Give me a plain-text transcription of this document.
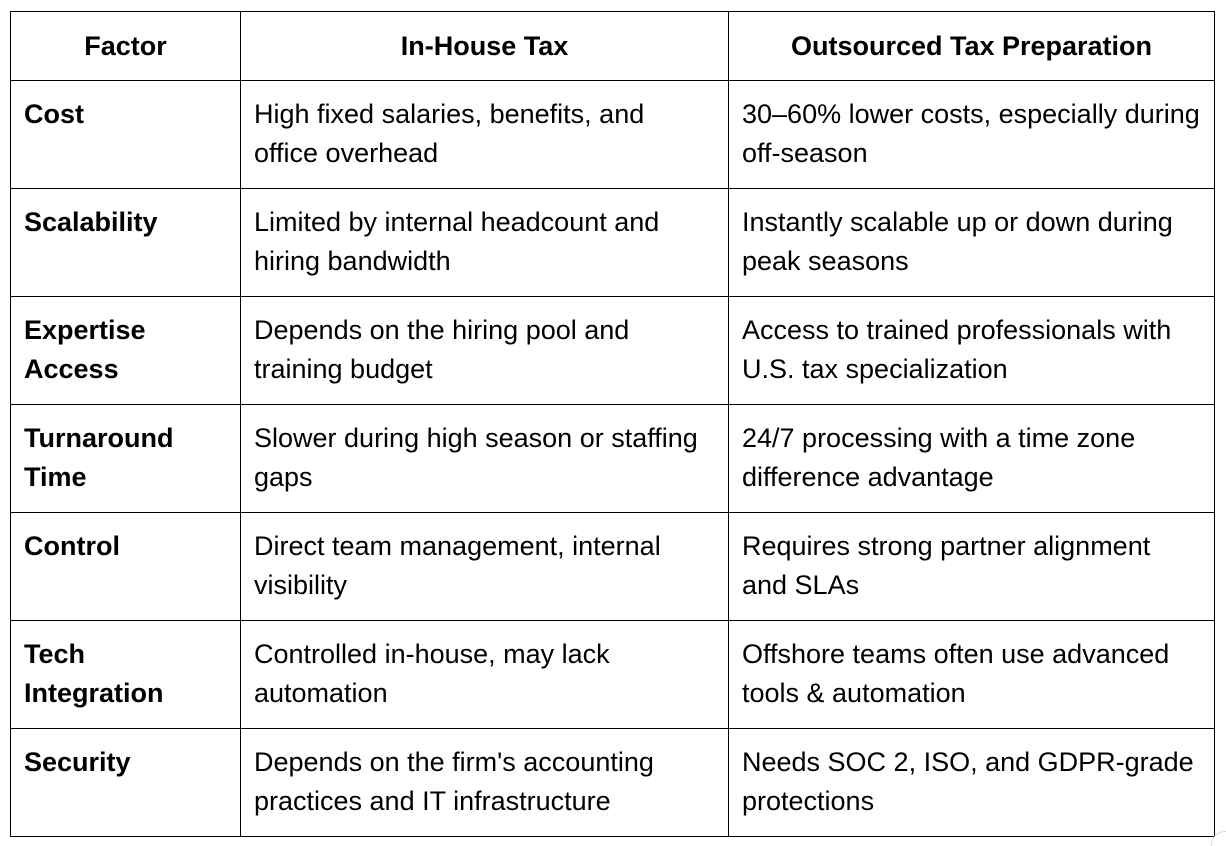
Factor	In-House Tax	Outsourced Tax Preparation
Cost	High fixed salaries, benefits, and office overhead	30–60% lower costs, especially during off-season
Scalability	Limited by internal headcount and hiring bandwidth	Instantly scalable up or down during peak seasons
Expertise Access	Depends on the hiring pool and training budget	Access to trained professionals with U.S. tax specialization
Turnaround Time	Slower during high season or staffing gaps	24/7 processing with a time zone difference advantage
Control	Direct team management, internal visibility	Requires strong partner alignment and SLAs
Tech Integration	Controlled in-house, may lack automation	Offshore teams often use advanced tools & automation
Security	Depends on the firm's accounting practices and IT infrastructure	Needs SOC 2, ISO, and GDPR-grade protections
